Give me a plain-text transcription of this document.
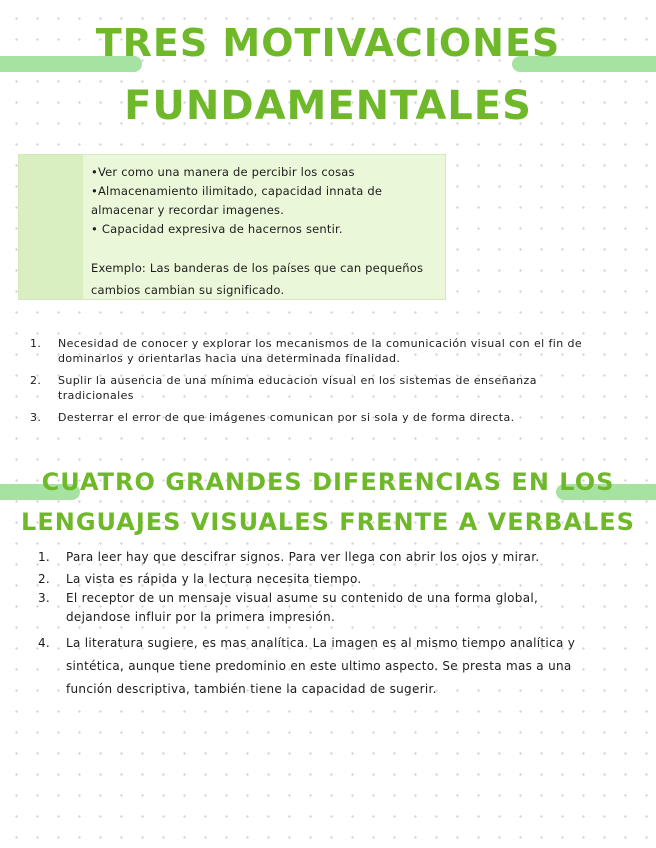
TRES MOTIVACIONES
FUNDAMENTALES

•Ver como una manera de percibir los cosas

•Almacenamiento ilimitado, capacidad innata de almacenar y recordar imagenes.

• Capacidad expresiva de hacernos sentir.

Exemplo: Las banderas de los países que can pequeños cambios cambian su significado.

1. Necesidad de conocer y explorar los mecanismos de la comunicación visual con el fin de dominarlos y orientarlas hacia una determinada finalidad.
2. Suplir la ausencia de una mínima educacion visual en los sistemas de enseñanza tradicionales
3. Desterrar el error de que imágenes comunican por si sola y de forma directa.
CUATRO GRANDES DIFERENCIAS EN LOS
LENGUAJES VISUALES FRENTE A VERBALES
1. Para leer hay que descifrar signos. Para ver llega con abrir los ojos y mirar.
2. La vista es rápida y la lectura necesita tiempo.
3. El receptor de un mensaje visual asume su contenido de una forma global, dejandose influir por la primera impresión.
4. La literatura sugiere, es mas analítica. La imagen es al mismo tiempo analítica y sintética, aunque tiene predominio en este ultimo aspecto. Se presta mas a una función descriptiva, también tiene la capacidad de sugerir.
